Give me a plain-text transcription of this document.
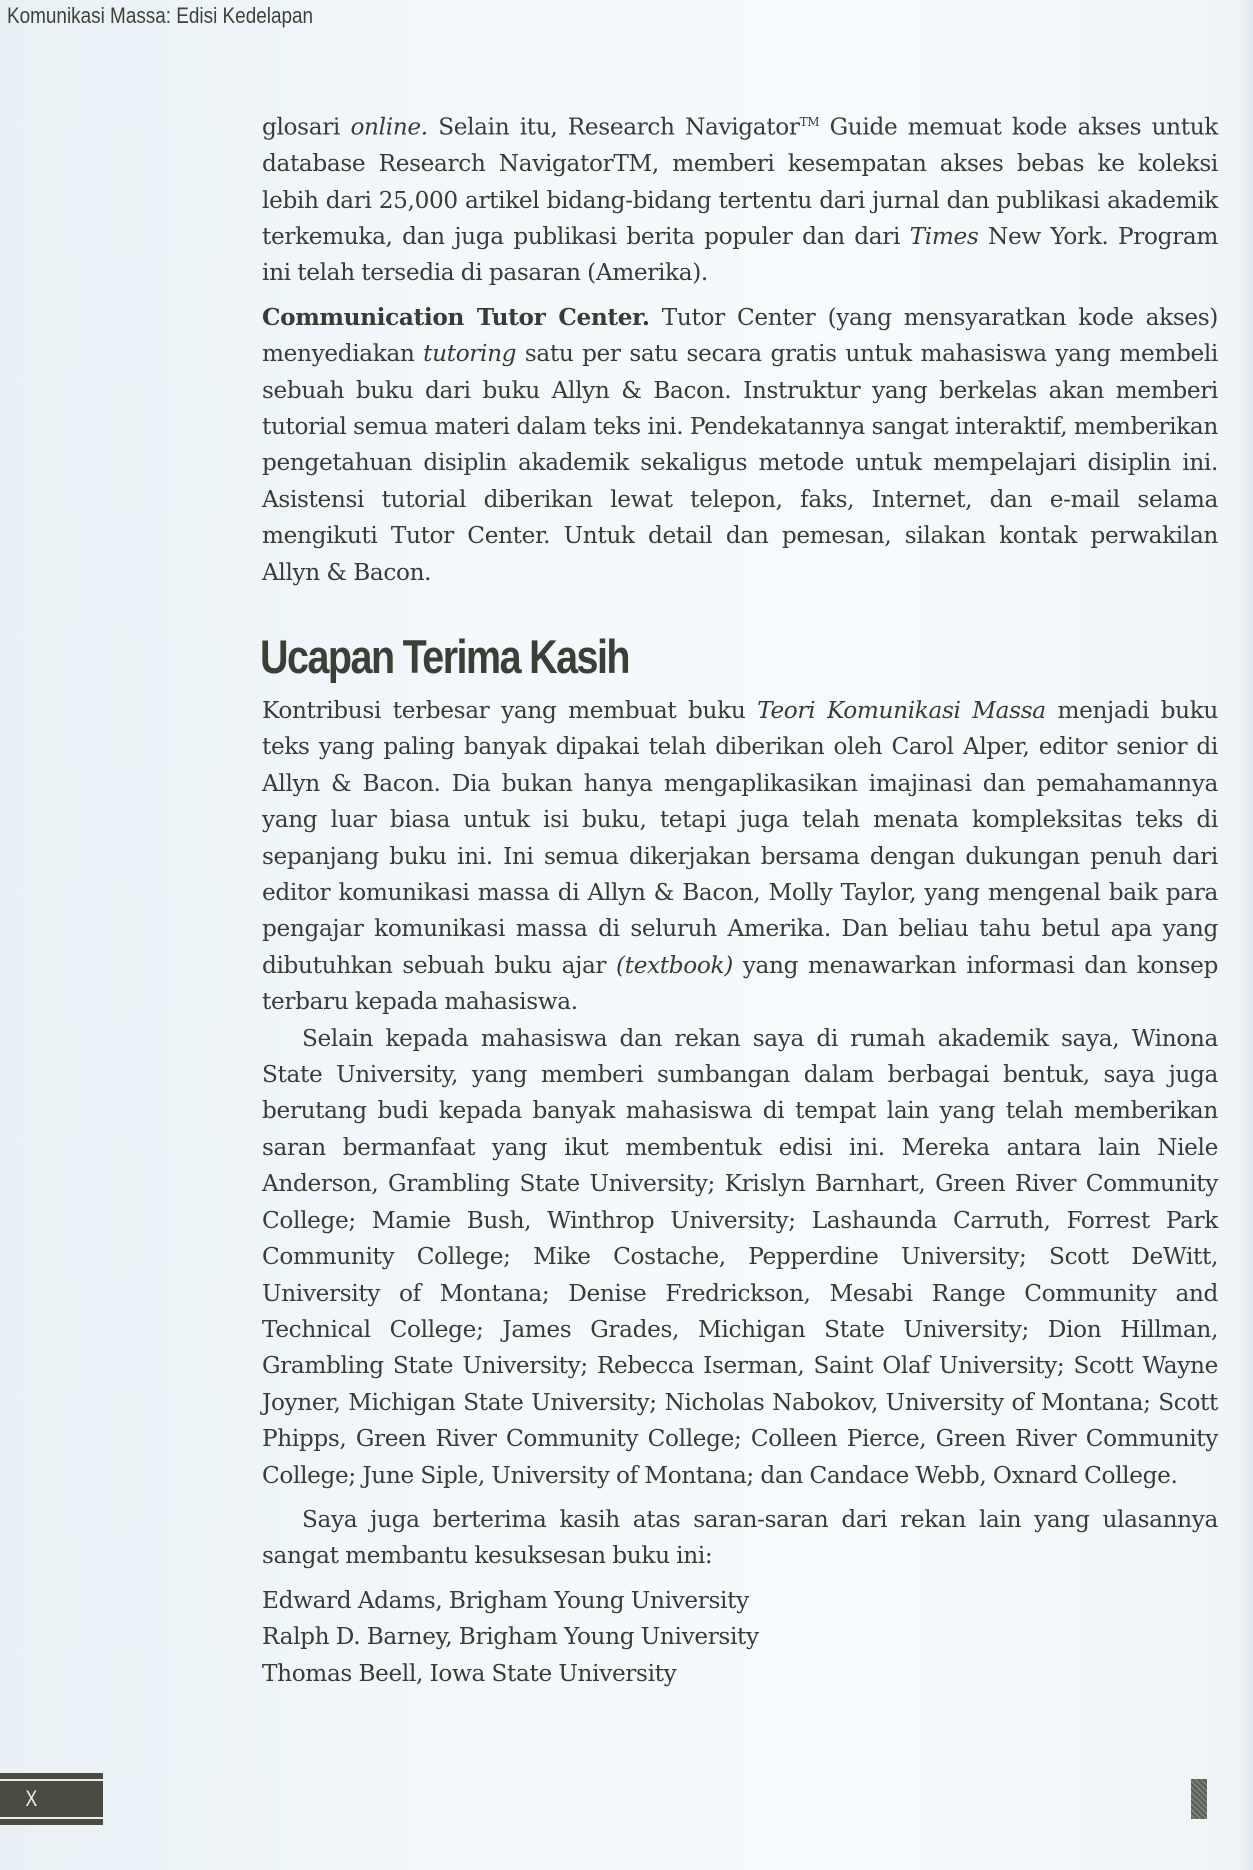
Komunikasi Massa: Edisi Kedelapan

glosari online. Selain itu, Research Navigator™ Guide memuat kode akses untuk database Research NavigatorTM, memberi kesempatan akses bebas ke koleksi lebih dari 25,000 artikel bidang-bidang tertentu dari jurnal dan publikasi akademik terkemuka, dan juga publikasi berita populer dan dari Times New York. Program ini telah tersedia di pasaran (Amerika).

Communication Tutor Center. Tutor Center (yang mensyaratkan kode akses) menyediakan tutoring satu per satu secara gratis untuk mahasiswa yang membeli sebuah buku dari buku Allyn & Bacon. Instruktur yang berkelas akan memberi tutorial semua materi dalam teks ini. Pendekatannya sangat interaktif, memberikan pengetahuan disiplin akademik sekaligus metode untuk mempelajari disiplin ini. Asistensi tutorial diberikan lewat telepon, faks, Internet, dan e-mail selama mengikuti Tutor Center. Untuk detail dan pemesan, silakan kontak perwakilan Allyn & Bacon.

Ucapan Terima Kasih

Kontribusi terbesar yang membuat buku Teori Komunikasi Massa menjadi buku teks yang paling banyak dipakai telah diberikan oleh Carol Alper, editor senior di Allyn & Bacon. Dia bukan hanya mengaplikasikan imajinasi dan pemahamannya yang luar biasa untuk isi buku, tetapi juga telah menata kompleksitas teks di sepanjang buku ini. Ini semua dikerjakan bersama dengan dukungan penuh dari editor komunikasi massa di Allyn & Bacon, Molly Taylor, yang mengenal baik para pengajar komunikasi massa di seluruh Amerika. Dan beliau tahu betul apa yang dibutuhkan sebuah buku ajar (textbook) yang menawarkan informasi dan konsep terbaru kepada mahasiswa.

Selain kepada mahasiswa dan rekan saya di rumah akademik saya, Winona State University, yang memberi sumbangan dalam berbagai bentuk, saya juga berutang budi kepada banyak mahasiswa di tempat lain yang telah memberikan saran bermanfaat yang ikut membentuk edisi ini. Mereka antara lain Niele Anderson, Grambling State University; Krislyn Barnhart, Green River Community College; Mamie Bush, Winthrop University; Lashaunda Carruth, Forrest Park Community College; Mike Costache, Pepperdine University; Scott DeWitt, University of Montana; Denise Fredrickson, Mesabi Range Community and Technical College; James Grades, Michigan State University; Dion Hillman, Grambling State University; Rebecca Iserman, Saint Olaf University; Scott Wayne Joyner, Michigan State University; Nicholas Nabokov, University of Montana; Scott Phipps, Green River Community College; Colleen Pierce, Green River Community College; June Siple, University of Montana; dan Candace Webb, Oxnard College.

Saya juga berterima kasih atas saran-saran dari rekan lain yang ulasannya sangat membantu kesuksesan buku ini:

Edward Adams, Brigham Young University

Ralph D. Barney, Brigham Young University

Thomas Beell, Iowa State University

X
